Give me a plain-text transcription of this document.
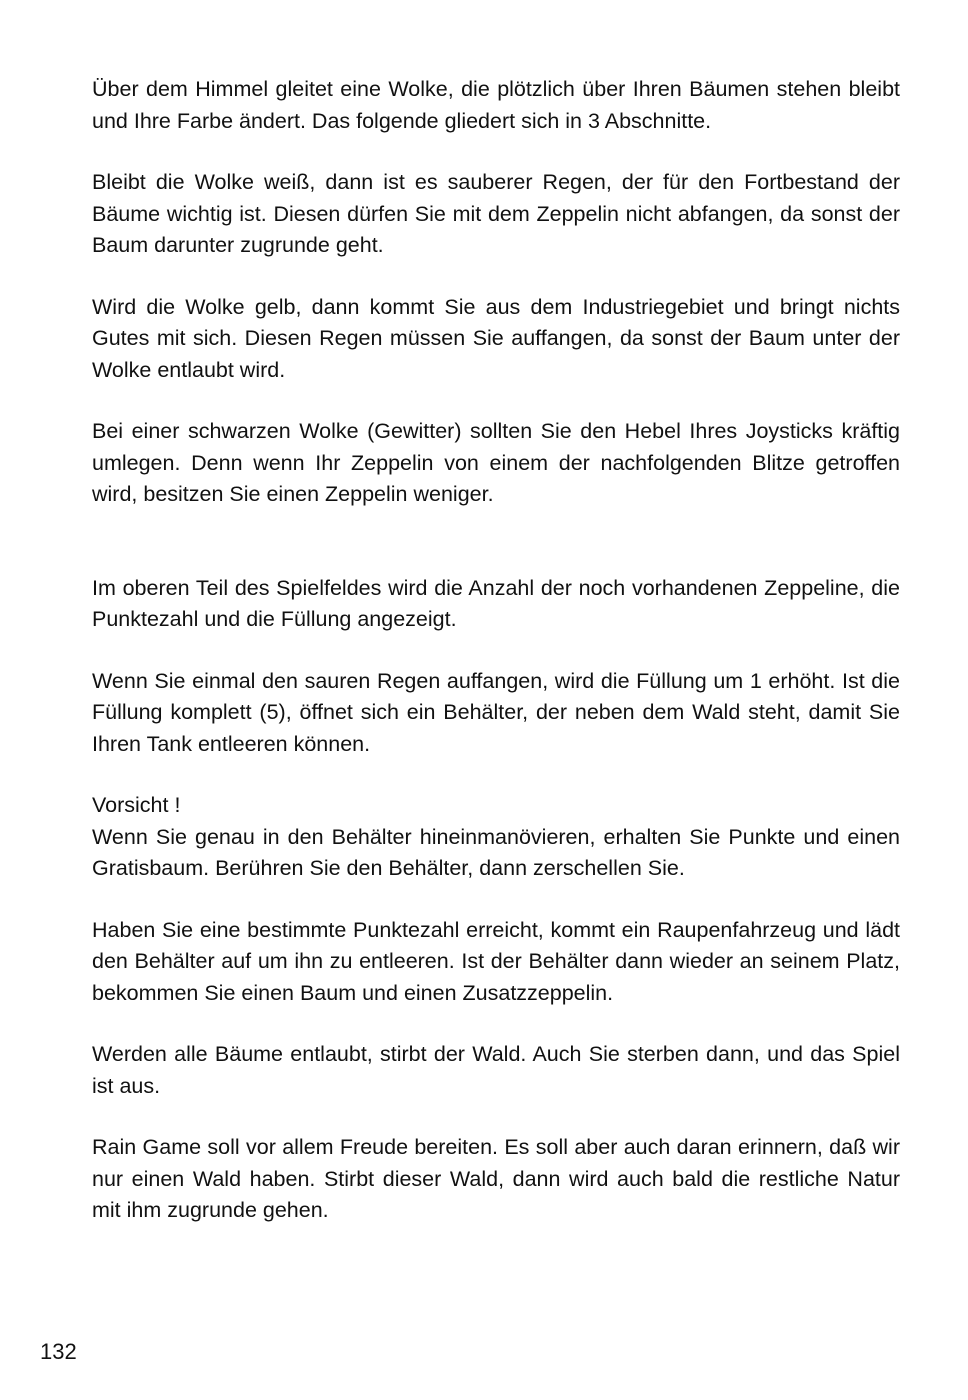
Über dem Himmel gleitet eine Wolke, die plötzlich über Ihren Bäumen stehen bleibt und Ihre Farbe ändert. Das folgende gliedert sich in 3 Abschnitte.

Bleibt die Wolke weiß, dann ist es sauberer Regen, der für den Fortbestand der Bäume wichtig ist. Diesen dürfen Sie mit dem Zeppelin nicht abfangen, da sonst der Baum darunter zugrunde geht.

Wird die Wolke gelb, dann kommt Sie aus dem Industriegebiet und bringt nichts Gutes mit sich. Diesen Regen müssen Sie auffangen, da sonst der Baum unter der Wolke entlaubt wird.

Bei einer schwarzen Wolke (Gewitter) sollten Sie den Hebel Ihres Joysticks kräftig umlegen. Denn wenn Ihr Zeppelin von einem der nachfolgenden Blitze getroffen wird, besitzen Sie einen Zeppelin weniger.

Im oberen Teil des Spielfeldes wird die Anzahl der noch vorhandenen Zeppeline, die Punktezahl und die Füllung angezeigt.

Wenn Sie einmal den sauren Regen auffangen, wird die Füllung um 1 erhöht. Ist die Füllung komplett (5), öffnet sich ein Behälter, der neben dem Wald steht, damit Sie Ihren Tank entleeren können.

Vorsicht !

Wenn Sie genau in den Behälter hineinmanövieren, erhalten Sie Punkte und einen Gratisbaum. Berühren Sie den Behälter, dann zerschellen Sie.

Haben Sie eine bestimmte Punktezahl erreicht, kommt ein Raupenfahrzeug und lädt den Behälter auf um ihn zu entleeren. Ist der Behälter dann wieder an seinem Platz, bekommen Sie einen Baum und einen Zusatzzeppelin.

Werden alle Bäume entlaubt, stirbt der Wald. Auch Sie sterben dann, und das Spiel ist aus.

Rain Game soll vor allem Freude bereiten. Es soll aber auch daran erinnern, daß wir nur einen Wald haben. Stirbt dieser Wald, dann wird auch bald die restliche Natur mit ihm zugrunde gehen.

132
